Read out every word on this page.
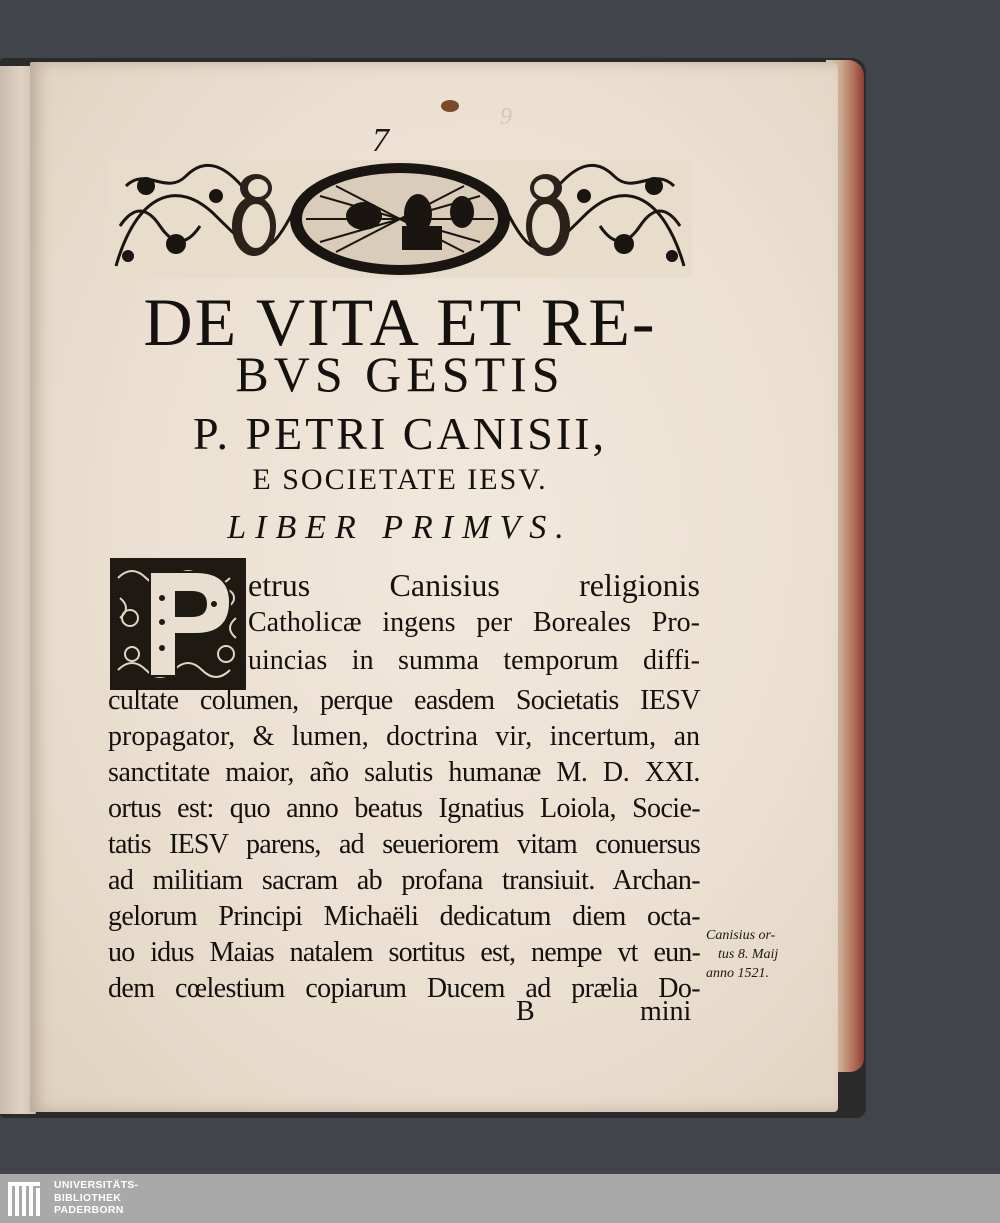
9​
7
DE VITA ET RE-
BVS GESTIS
P. PETRI CANISII,
E SOCIETATE IESV.
LIBER PRIMVS.
etrus Canisius religionis
Catholicæ ingens per Boreales Pro-
uincias in summa temporum diffi-
cultate columen, perque easdem Societatis IESV
propagator, & lumen, doctrina vir, incertum, an
sanctitate maior, año salutis humanæ M. D. XXI.
ortus est: quo anno beatus Ignatius Loiola, Socie-
tatis IESV parens, ad seueriorem vitam conuersus
ad militiam sacram ab profana transiuit. Archan-
gelorum Principi Michaëli dedicatum diem octa-
uo idus Maias natalem sortitus est, nempe vt eun-
dem cœlestium copiarum Ducem ad prælia Do-
B	mini
Canisius or-
tus 8. Maij
anno 1521.
UNIVERSITÄTS-
BIBLIOTHEK
PADERBORN
